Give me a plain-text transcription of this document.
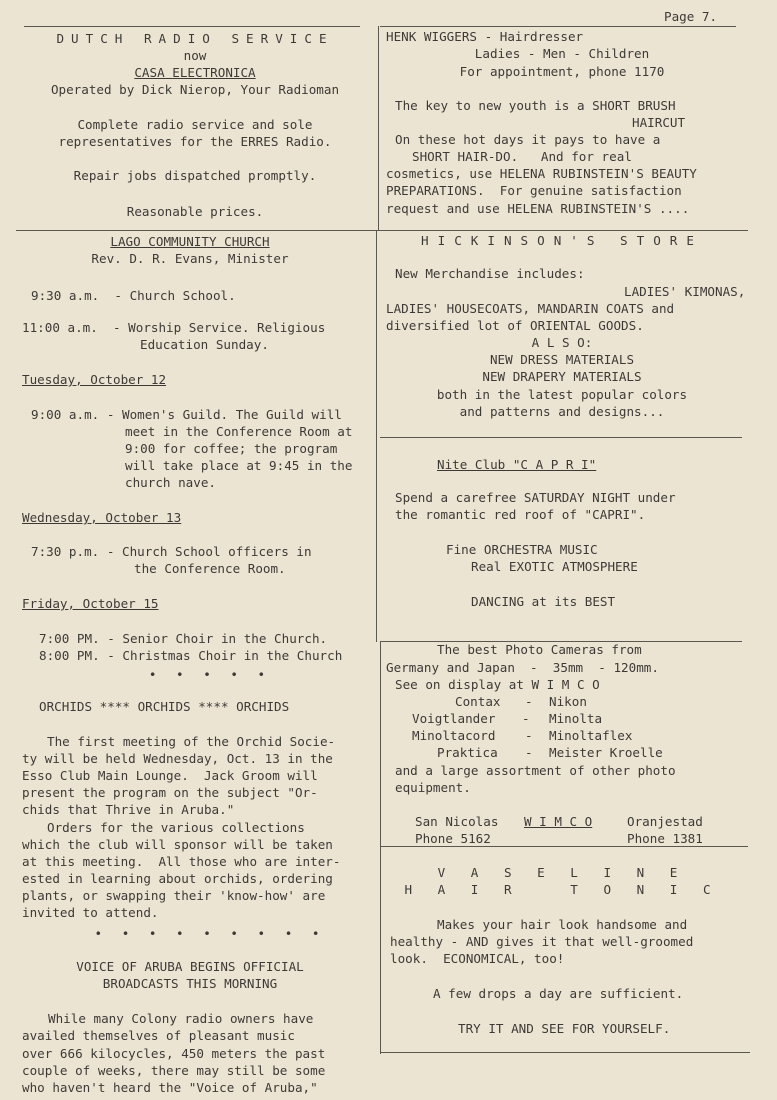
Page 7.
DUTCH RADIO SERVICE
now
CASA ELECTRONICA
Operated by Dick Nierop, Your Radioman
Complete radio service and sole
representatives for the ERRES Radio.
Repair jobs dispatched promptly.
Reasonable prices.
HENK WIGGERS - Hairdresser
Ladies - Men - Children
For appointment, phone 1170
The key to new youth is a SHORT BRUSH
HAIRCUT
On these hot days it pays to have a
SHORT HAIR-DO.   And for real
cosmetics, use HELENA RUBINSTEIN'S BEAUTY
PREPARATIONS.  For genuine satisfaction
request and use HELENA RUBINSTEIN'S ....
LAGO COMMUNITY CHURCH
Rev. D. R. Evans, Minister
9:30 a.m.  - Church School.
11:00 a.m.  - Worship Service. Religious
Education Sunday.
Tuesday, October 12
9:00 a.m. - Women's Guild. The Guild will
meet in the Conference Room at
9:00 for coffee; the program
will take place at 9:45 in the
church nave.
Wednesday, October 13
7:30 p.m. - Church School officers in
the Conference Room.
Friday, October 15
7:00 PM. - Senior Choir in the Church.
8:00 PM. - Christmas Choir in the Church
• • • • •
ORCHIDS **** ORCHIDS **** ORCHIDS
The first meeting of the Orchid Socie-
ty will be held Wednesday, Oct. 13 in the
Esso Club Main Lounge.  Jack Groom will
present the program on the subject "Or-
chids that Thrive in Aruba."
Orders for the various collections
which the club will sponsor will be taken
at this meeting.  All those who are inter-
ested in learning about orchids, ordering
plants, or swapping their 'know-how' are
invited to attend.
• • • • • • • • •
VOICE OF ARUBA BEGINS OFFICIAL
BROADCASTS THIS MORNING
While many Colony radio owners have
availed themselves of pleasant music
over 666 kilocycles, 450 meters the past
couple of weeks, there may still be some
who haven't heard the "Voice of Aruba,"
HICKINSON'S STORE
New Merchandise includes:
LADIES' KIMONAS,
LADIES' HOUSECOATS, MANDARIN COATS and
diversified lot of ORIENTAL GOODS.
A L S O:
NEW DRESS MATERIALS
NEW DRAPERY MATERIALS
both in the latest popular colors
and patterns and designs...
Nite Club "C A P R I"
Spend a carefree SATURDAY NIGHT under
the romantic red roof of "CAPRI".
Fine ORCHESTRA MUSIC
Real EXOTIC ATMOSPHERE
DANCING at its BEST
The best Photo Cameras from
Germany and Japan  -  35mm  - 120mm.
See on display at W I M C O
Contax - Nikon
Voigtlander - Minolta
Minoltacord - Minoltaflex
Praktica - Meister Kroelle
and a large assortment of other photo
equipment.
San Nicolas
Phone 5162
W I M C O	Oranjestad
Phone 1381
V A S E L I N E
H A I R   T O N I C
Makes your hair look handsome and
healthy - AND gives it that well-groomed
look.  ECONOMICAL, too!
A few drops a day are sufficient.
TRY IT AND SEE FOR YOURSELF.
